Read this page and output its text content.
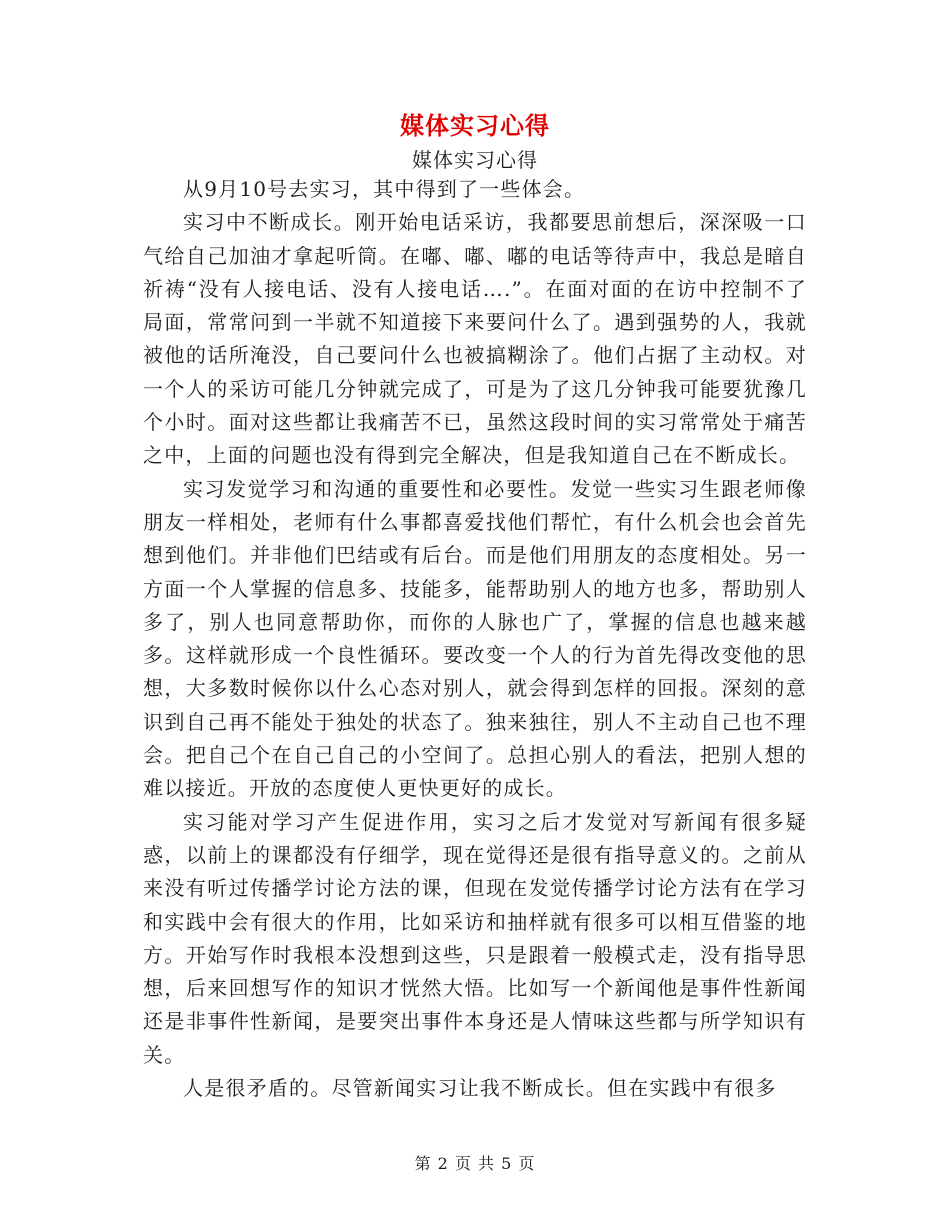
媒体实习心得
媒体实习心得

从9月10号去实习，其中得到了一些体会。

实习中不断成长。刚开始电话采访，我都要思前想后，深深吸一口气给自己加油才拿起听筒。在嘟、嘟、嘟的电话等待声中，我总是暗自祈祷“没有人接电话、没有人接电话….”。在面对面的在访中控制不了局面，常常问到一半就不知道接下来要问什么了。遇到强势的人，我就被他的话所淹没，自己要问什么也被搞糊涂了。他们占据了主动权。对一个人的采访可能几分钟就完成了，可是为了这几分钟我可能要犹豫几个小时。面对这些都让我痛苦不已，虽然这段时间的实习常常处于痛苦之中，上面的问题也没有得到完全解决，但是我知道自己在不断成长。

实习发觉学习和沟通的重要性和必要性。发觉一些实习生跟老师像朋友一样相处，老师有什么事都喜爱找他们帮忙，有什么机会也会首先想到他们。并非他们巴结或有后台。而是他们用朋友的态度相处。另一方面一个人掌握的信息多、技能多，能帮助别人的地方也多，帮助别人多了，别人也同意帮助你，而你的人脉也广了，掌握的信息也越来越多。这样就形成一个良性循环。要改变一个人的行为首先得改变他的思想，大多数时候你以什么心态对别人，就会得到怎样的回报。深刻的意识到自己再不能处于独处的状态了。独来独往，别人不主动自己也不理会。把自己个在自己自己的小空间了。总担心别人的看法，把别人想的难以接近。开放的态度使人更快更好的成长。

实习能对学习产生促进作用，实习之后才发觉对写新闻有很多疑惑，以前上的课都没有仔细学，现在觉得还是很有指导意义的。之前从来没有听过传播学讨论方法的课，但现在发觉传播学讨论方法有在学习和实践中会有很大的作用，比如采访和抽样就有很多可以相互借鉴的地方。开始写作时我根本没想到这些，只是跟着一般模式走，没有指导思想，后来回想写作的知识才恍然大悟。比如写一个新闻他是事件性新闻还是非事件性新闻，是要突出事件本身还是人情味这些都与所学知识有关。

人是很矛盾的。尽管新闻实习让我不断成长。但在实践中有很多

第 2 页 共 5 页
